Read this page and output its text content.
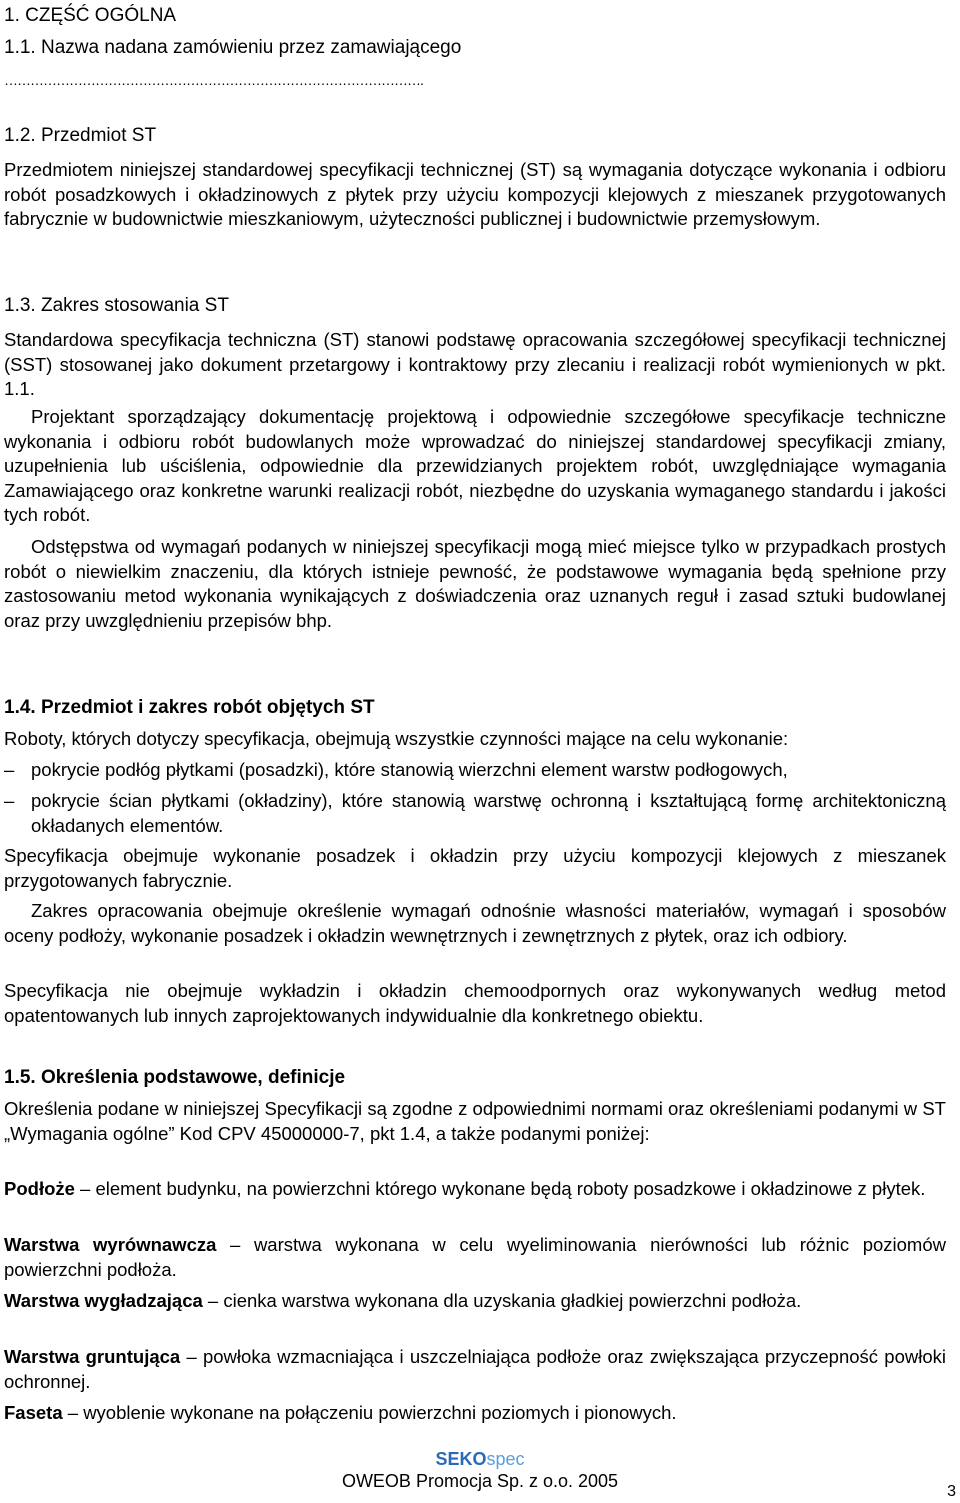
1. CZĘŚĆ OGÓLNA
1.1. Nazwa nadana zamówieniu przez zamawiającego
…………………………………………………………………………………….
1.2. Przedmiot ST
Przedmiotem niniejszej standardowej specyfikacji technicznej (ST) są wymagania dotyczące wykonania i odbioru robót posadzkowych i okładzinowych z płytek przy użyciu kompozycji klejowych z mieszanek przygotowanych fabrycznie w budownictwie mieszkaniowym, użyteczności publicznej i budownictwie przemysłowym.
1.3. Zakres stosowania ST
Standardowa specyfikacja techniczna (ST) stanowi podstawę opracowania szczegółowej specyfikacji technicznej (SST) stosowanej jako dokument przetargowy i kontraktowy przy zlecaniu i realizacji robót wymienionych w pkt. 1.1.
Projektant sporządzający dokumentację projektową i odpowiednie szczegółowe specyfikacje techniczne wykonania i odbioru robót budowlanych może wprowadzać do niniejszej standardowej specyfikacji zmiany, uzupełnienia lub uściślenia, odpowiednie dla przewidzianych projektem robót, uwzględniające wymagania Zamawiającego oraz konkretne warunki realizacji robót, niezbędne do uzyskania wymaganego standardu i jakości tych robót.
Odstępstwa od wymagań podanych w niniejszej specyfikacji mogą mieć miejsce tylko w przypadkach prostych robót o niewielkim znaczeniu, dla których istnieje pewność, że podstawowe wymagania będą spełnione przy zastosowaniu metod wykonania wynikających z doświadczenia oraz uznanych reguł i zasad sztuki budowlanej oraz przy uwzględnieniu przepisów bhp.
1.4. Przedmiot i zakres robót objętych ST
Roboty, których dotyczy specyfikacja, obejmują wszystkie czynności mające na celu wykonanie:
– pokrycie podłóg płytkami (posadzki), które stanowią wierzchni element warstw podłogowych,
– pokrycie ścian płytkami (okładziny), które stanowią warstwę ochronną i kształtującą formę architektoniczną okładanych elementów.
Specyfikacja obejmuje wykonanie posadzek i okładzin przy użyciu kompozycji klejowych z mieszanek przygotowanych fabrycznie.
Zakres opracowania obejmuje określenie wymagań odnośnie własności materiałów, wymagań i sposobów oceny podłoży, wykonanie posadzek i okładzin wewnętrznych i zewnętrznych z płytek, oraz ich odbiory.
Specyfikacja nie obejmuje wykładzin i okładzin chemoodpornych oraz wykonywanych według metod opatentowanych lub innych zaprojektowanych indywidualnie dla konkretnego obiektu.
1.5. Określenia podstawowe, definicje
Określenia podane w niniejszej Specyfikacji są zgodne z odpowiednimi normami oraz określeniami podanymi w ST „Wymagania ogólne” Kod CPV 45000000-7, pkt 1.4, a także podanymi poniżej:
Podłoże – element budynku, na powierzchni którego wykonane będą roboty posadzkowe i okładzinowe z płytek.
Warstwa wyrównawcza – warstwa wykonana w celu wyeliminowania nierówności lub różnic poziomów powierzchni podłoża.
Warstwa wygładzająca – cienka warstwa wykonana dla uzyskania gładkiej powierzchni podłoża.
Warstwa gruntująca – powłoka wzmacniająca i uszczelniająca podłoże oraz zwiększająca przyczepność powłoki ochronnej.
Faseta – wyoblenie wykonane na połączeniu powierzchni poziomych i pionowych.
SEKOspec
OWEOB Promocja Sp. z o.o. 2005
3
